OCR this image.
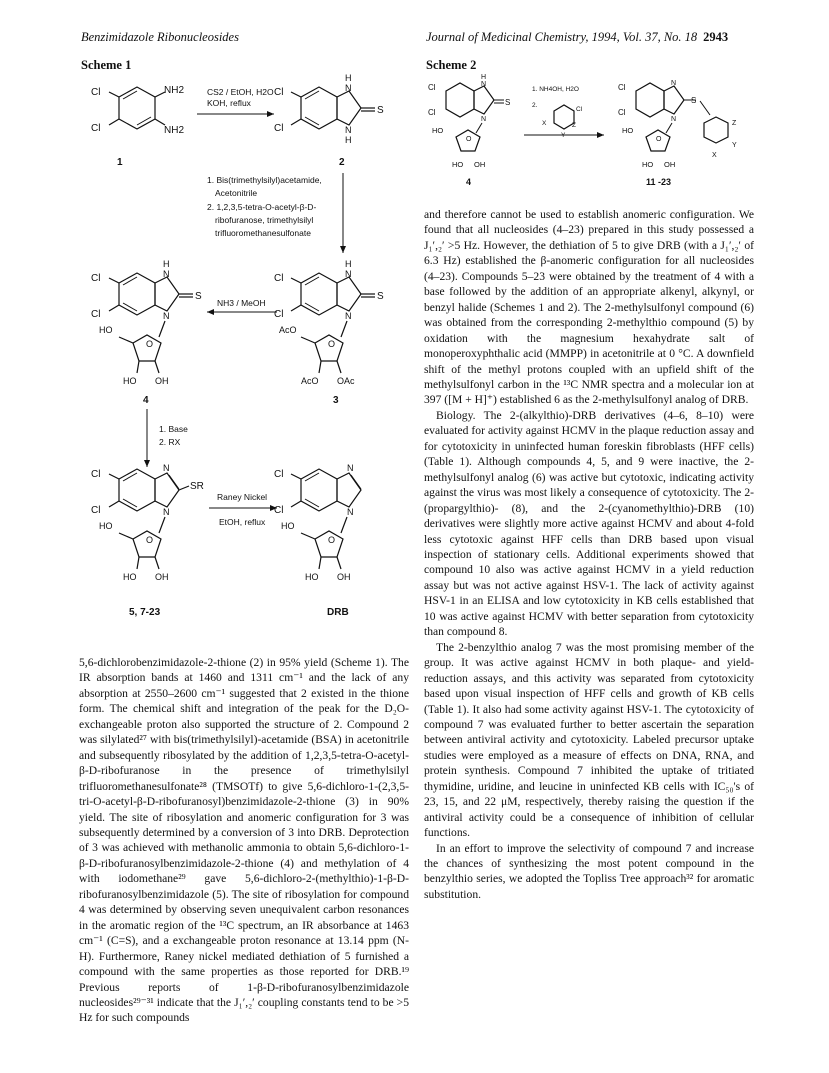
Benzimidazole Ribonucleosides	Journal of Medicinal Chemistry, 1994, Vol. 37, No. 18 2943
Scheme 1	Scheme 2
Cl
Cl
NH2
NH2
1
CS2 / EtOH, H2O
KOH, reflux
Cl
Cl
H
N
N
H
S
2
1. Bis(trimethylsilyl)acetamide,
Acetonitrile
2. 1,2,3,5-tetra-O-acetyl-β-D-
ribofuranose, trimethylsilyl
trifluoromethanesulfonate
Cl
Cl
H
N
N
S
O
AcO
AcO OAc
3
NH3 / MeOH
Cl
Cl
H
N
N
S
O
HO
HO OH
4
1. Base
2. RX
Cl
Cl
N
N
SR
O
HO
HO OH
5, 7-23
Raney Nickel
EtOH, reflux
Cl
Cl
N
N
O
HO
HO OH
DRB
Cl
Cl
H
N
N
S
O
HO
HO OH
4
1. NH4OH, H2O
2.
Cl
X
Y
Z
Cl
Cl
N
N
S
Z
Y
X
O
HO
HO OH
11 -23

5,6-dichlorobenzimidazole-2-thione (2) in 95% yield (Scheme 1). The IR absorption bands at 1460 and 1311 cm⁻¹ and the lack of any absorption at 2550–2600 cm⁻¹ suggested that 2 existed in the thione form. The chemical shift and integration of the peak for the D₂O-exchangeable proton also supported the structure of 2. Compound 2 was silylated²⁷ with bis(trimethylsilyl)-acetamide (BSA) in acetonitrile and subsequently ribosylated by the addition of 1,2,3,5-tetra-O-acetyl-β-D-ribofuranose in the presence of trimethylsilyl trifluoromethanesulfonate²⁸ (TMSOTf) to give 5,6-dichloro-1-(2,3,5-tri-O-acetyl-β-D-ribofuranosyl)benzimidazole-2-thione (3) in 90% yield. The site of ribosylation and anomeric configuration for 3 was subsequently determined by a conversion of 3 into DRB. Deprotection of 3 was achieved with methanolic ammonia to obtain 5,6-dichloro-1-β-D-ribofuranosylbenzimidazole-2-thione (4) and methylation of 4 with iodomethane²⁹ gave 5,6-dichloro-2-(methylthio)-1-β-D-ribofuranosylbenzimidazole (5). The site of ribosylation for compound 4 was determined by observing seven unequivalent carbon resonances in the aromatic region of the ¹³C spectrum, an IR absorbance at 1463 cm⁻¹ (C=S), and a exchangeable proton resonance at 13.14 ppm (N-H). Furthermore, Raney nickel mediated dethiation of 5 furnished a compound with the same properties as those reported for DRB.¹⁹ Previous reports of 1-β-D-ribofuranosylbenzimidazole nucleosides²⁹⁻³¹ indicate that the J₁′,₂′ coupling constants tend to be >5 Hz for such compounds

and therefore cannot be used to establish anomeric configuration. We found that all nucleosides (4–23) prepared in this study possessed a J₁′,₂′ >5 Hz. However, the dethiation of 5 to give DRB (with a J₁′,₂′ of 6.3 Hz) established the β-anomeric configuration for all nucleosides (4–23). Compounds 5–23 were obtained by the treatment of 4 with a base followed by the addition of an appropriate alkenyl, alkynyl, or benzyl halide (Schemes 1 and 2). The 2-methylsulfonyl compound (6) was obtained from the corresponding 2-methylthio compound (5) by oxidation with the magnesium hexahydrate salt of monoperoxyphthalic acid (MMPP) in acetonitrile at 0 °C. A downfield shift of the methyl protons coupled with an upfield shift of the methylsulfonyl carbon in the ¹³C NMR spectra and a molecular ion at 397 ([M + H]⁺) established 6 as the 2-methylsulfonyl analog of DRB.

Biology. The 2-(alkylthio)-DRB derivatives (4–6, 8–10) were evaluated for activity against HCMV in the plaque reduction assay and for cytotoxicity in uninfected human foreskin fibroblasts (HFF cells) (Table 1). Although compounds 4, 5, and 9 were inactive, the 2-methylsulfonyl analog (6) was active but cytotoxic, indicating activity against the virus was most likely a consequence of cytotoxicity. The 2-(propargylthio)- (8), and the 2-(cyanomethylthio)-DRB (10) derivatives were slightly more active against HCMV and about 4-fold less cytotoxic against HFF cells than DRB based upon visual inspection of stationary cells. Additional experiments showed that compound 10 also was active against HCMV in a yield reduction assay but was not active against HSV-1. The lack of activity against HSV-1 in an ELISA and low cytotoxicity in KB cells established that 10 was active against HCMV with better separation from cytotoxicity than compound 8.

The 2-benzylthio analog 7 was the most promising member of the group. It was active against HCMV in both plaque- and yield-reduction assays, and this activity was separated from cytotoxicity based upon visual inspection of HFF cells and growth of KB cells (Table 1). It also had some activity against HSV-1. The cytotoxicity of compound 7 was evaluated further to better ascertain the separation between antiviral activity and cytotoxicity. Labeled precursor uptake studies were employed as a measure of effects on DNA, RNA, and protein synthesis. Compound 7 inhibited the uptake of tritiated thymidine, uridine, and leucine in uninfected KB cells with IC₅₀'s of 23, 15, and 22 μM, respectively, thereby raising the question if the antiviral activity could be a consequence of inhibition of cellular functions.

In an effort to improve the selectivity of compound 7 and increase the chances of synthesizing the most potent compound in the benzylthio series, we adopted the Topliss Tree approach³² for aromatic substitution.
